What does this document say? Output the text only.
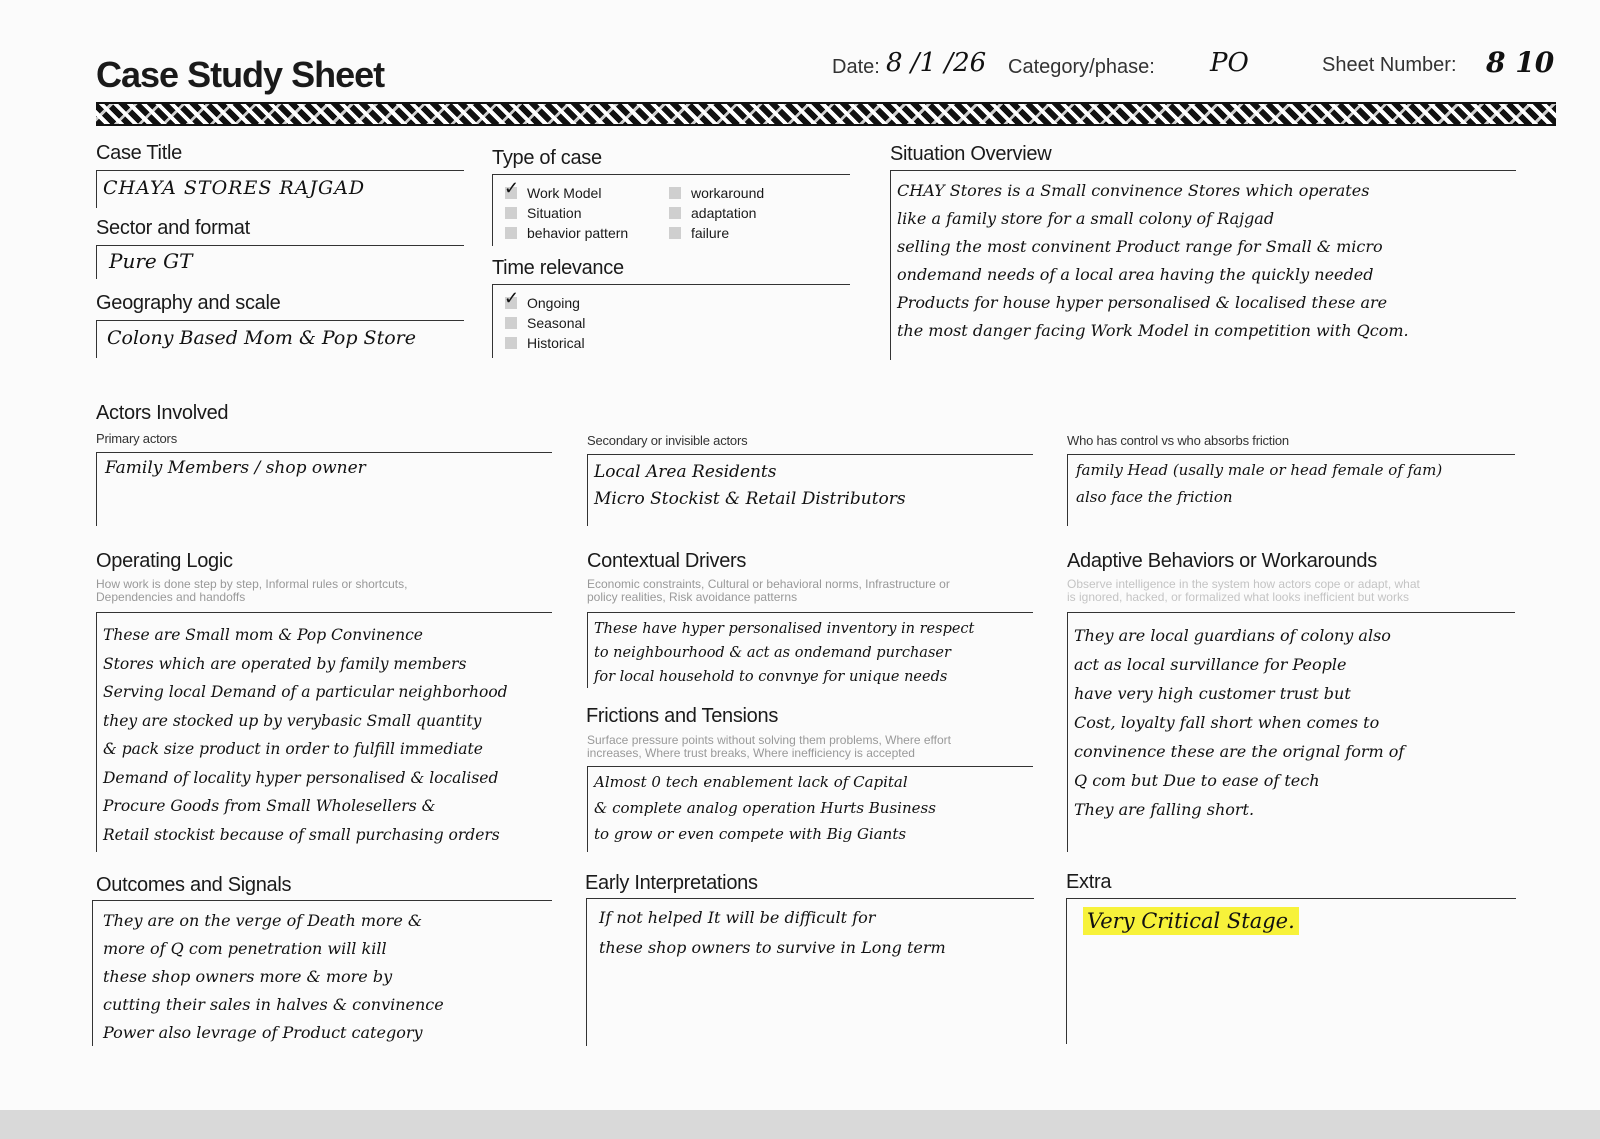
Case Study Sheet	Date: 8 /1 /26 Category/phase: PO	Sheet Number: 8 10
Case Title
CHAYA STORES RAJGAD
Sector and format
Pure GT
Geography and scale
Colony Based Mom & Pop Store
Type of case
✓
Work Model
Situation
behavior pattern
workaround
adaptation
failure
Time relevance
✓
Ongoing
Seasonal
Historical
Situation Overview
CHAY Stores is a Small convinence Stores which operates
like a family store for a small colony of Rajgad
selling the most convinent Product range for Small & micro
ondemand needs of a local area having the quickly needed
Products for house hyper personalised & localised these are
the most danger facing Work Model in competition with Qcom.
Actors Involved
Primary actors
Family Members / shop owner
Secondary or invisible actors
Local Area Residents
Micro Stockist & Retail Distributors
Who has control vs who absorbs friction
family Head (usally male or head female of fam)
also face the friction
Operating Logic
How work is done step by step, Informal rules or shortcuts,
Dependencies and handoffs
These are Small mom & Pop Convinence
Stores which are operated by family members
Serving local Demand of a particular neighborhood
they are stocked up by verybasic Small quantity
& pack size product in order to fulfill immediate
Demand of locality hyper personalised & localised
Procure Goods from Small Wholesellers &
Retail stockist because of small purchasing orders
Contextual Drivers
Economic constraints, Cultural or behavioral norms, Infrastructure or
policy realities, Risk avoidance patterns
These have hyper personalised inventory in respect
to neighbourhood & act as ondemand purchaser
for local household to convnye for unique needs
Frictions and Tensions
Surface pressure points without solving them problems, Where effort
increases, Where trust breaks, Where inefficiency is accepted
Almost 0 tech enablement lack of Capital
& complete analog operation Hurts Business
to grow or even compete with Big Giants
Adaptive Behaviors or Workarounds
Observe intelligence in the system how actors cope or adapt, what
is ignored, hacked, or formalized what looks inefficient but works
They are local guardians of colony also
act as local survillance for People
have very high customer trust but
Cost, loyalty fall short when comes to
convinence these are the orignal form of
Q com but Due to ease of tech
They are falling short.
Outcomes and Signals
They are on the verge of Death more &
more of Q com penetration will kill
these shop owners more & more by
cutting their sales in halves & convinence
Power also levrage of Product category
Early Interpretations
If not helped It will be difficult for
these shop owners to survive in Long term
Extra
Very Critical Stage.
